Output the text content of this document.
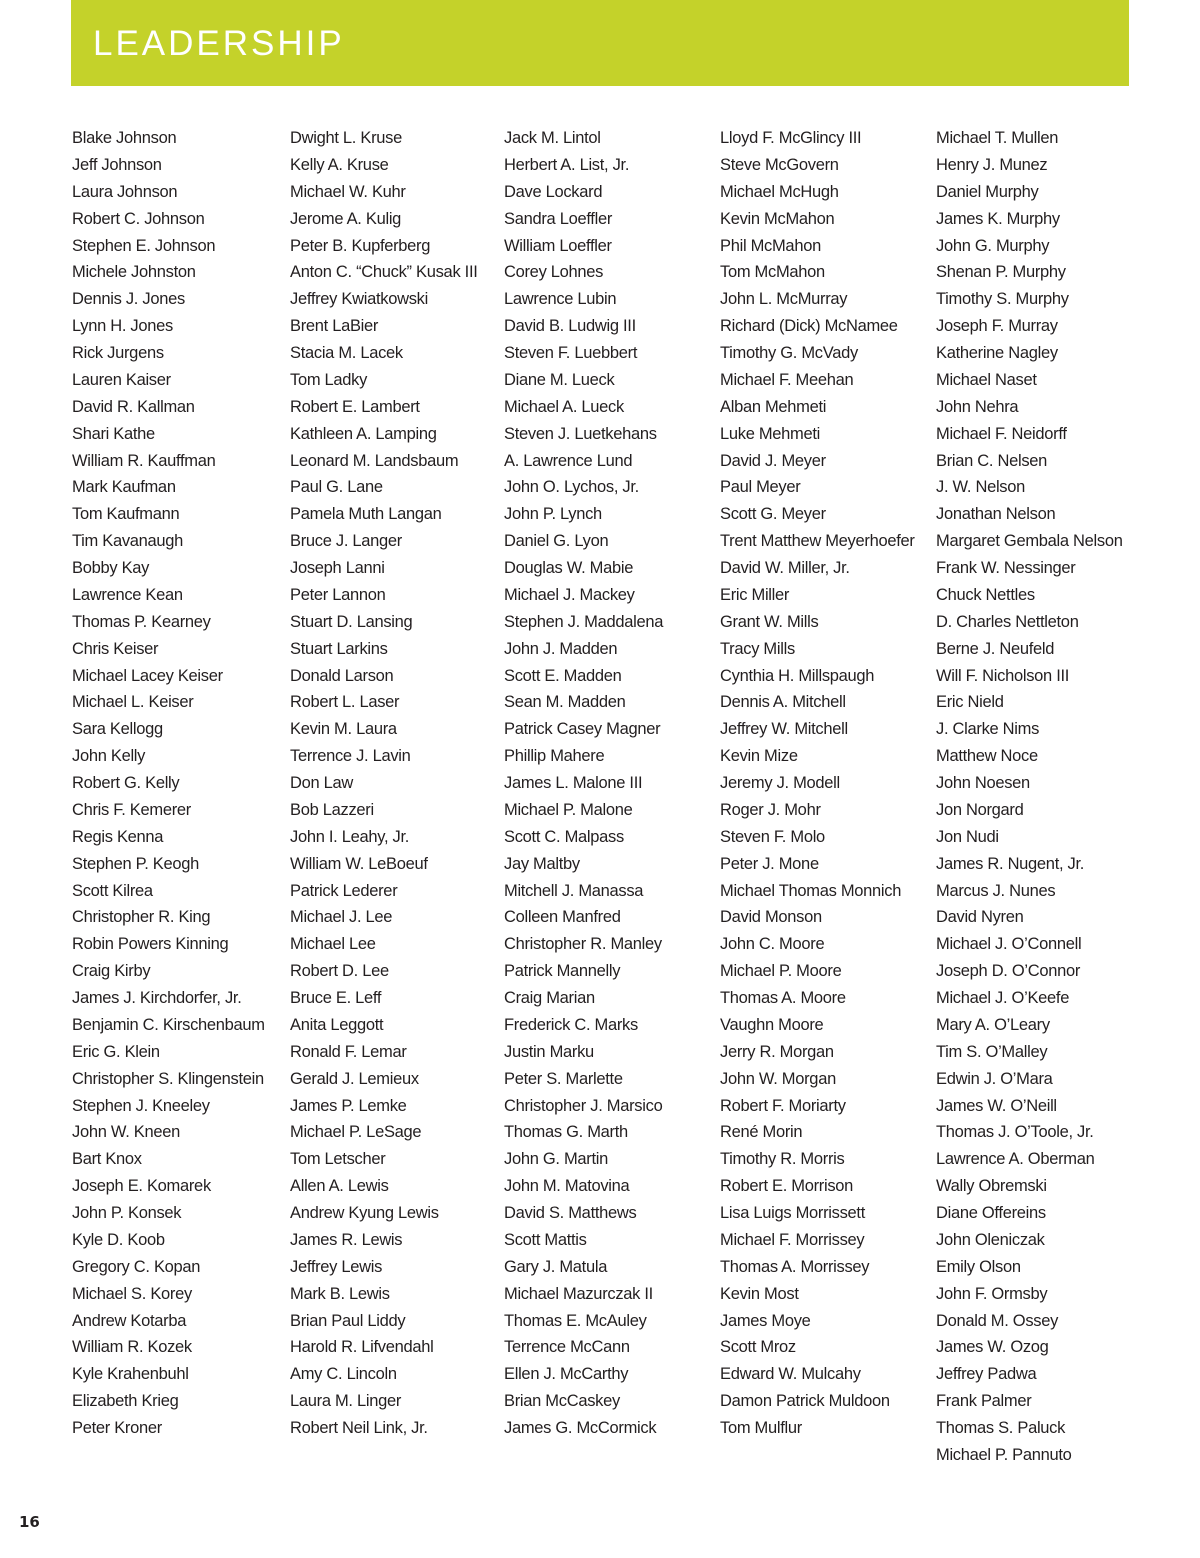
LEADERSHIP
Blake Johnson
Jeff Johnson
Laura Johnson
Robert C. Johnson
Stephen E. Johnson
Michele Johnston
Dennis J. Jones
Lynn H. Jones
Rick Jurgens
Lauren Kaiser
David R. Kallman
Shari Kathe
William R. Kauffman
Mark Kaufman
Tom Kaufmann
Tim Kavanaugh
Bobby Kay
Lawrence Kean
Thomas P. Kearney
Chris Keiser
Michael Lacey Keiser
Michael L. Keiser
Sara Kellogg
John Kelly
Robert G. Kelly
Chris F. Kemerer
Regis Kenna
Stephen P. Keogh
Scott Kilrea
Christopher R. King
Robin Powers Kinning
Craig Kirby
James J. Kirchdorfer, Jr.
Benjamin C. Kirschenbaum
Eric G. Klein
Christopher S. Klingenstein
Stephen J. Kneeley
John W. Kneen
Bart Knox
Joseph E. Komarek
John P. Konsek
Kyle D. Koob
Gregory C. Kopan
Michael S. Korey
Andrew Kotarba
William R. Kozek
Kyle Krahenbuhl
Elizabeth Krieg
Peter Kroner
Dwight L. Kruse
Kelly A. Kruse
Michael W. Kuhr
Jerome A. Kulig
Peter B. Kupferberg
Anton C. “Chuck” Kusak III
Jeffrey Kwiatkowski
Brent LaBier
Stacia M. Lacek
Tom Ladky
Robert E. Lambert
Kathleen A. Lamping
Leonard M. Landsbaum
Paul G. Lane
Pamela Muth Langan
Bruce J. Langer
Joseph Lanni
Peter Lannon
Stuart D. Lansing
Stuart Larkins
Donald Larson
Robert L. Laser
Kevin M. Laura
Terrence J. Lavin
Don Law
Bob Lazzeri
John I. Leahy, Jr.
William W. LeBoeuf
Patrick Lederer
Michael J. Lee
Michael Lee
Robert D. Lee
Bruce E. Leff
Anita Leggott
Ronald F. Lemar
Gerald J. Lemieux
James P. Lemke
Michael P. LeSage
Tom Letscher
Allen A. Lewis
Andrew Kyung Lewis
James R. Lewis
Jeffrey Lewis
Mark B. Lewis
Brian Paul Liddy
Harold R. Lifvendahl
Amy C. Lincoln
Laura M. Linger
Robert Neil Link, Jr.
Jack M. Lintol
Herbert A. List, Jr.
Dave Lockard
Sandra Loeffler
William Loeffler
Corey Lohnes
Lawrence Lubin
David B. Ludwig III
Steven F. Luebbert
Diane M. Lueck
Michael A. Lueck
Steven J. Luetkehans
A. Lawrence Lund
John O. Lychos, Jr.
John P. Lynch
Daniel G. Lyon
Douglas W. Mabie
Michael J. Mackey
Stephen J. Maddalena
John J. Madden
Scott E. Madden
Sean M. Madden
Patrick Casey Magner
Phillip Mahere
James L. Malone III
Michael P. Malone
Scott C. Malpass
Jay Maltby
Mitchell J. Manassa
Colleen Manfred
Christopher R. Manley
Patrick Mannelly
Craig Marian
Frederick C. Marks
Justin Marku
Peter S. Marlette
Christopher J. Marsico
Thomas G. Marth
John G. Martin
John M. Matovina
David S. Matthews
Scott Mattis
Gary J. Matula
Michael Mazurczak II
Thomas E. McAuley
Terrence McCann
Ellen J. McCarthy
Brian McCaskey
James G. McCormick
Lloyd F. McGlincy III
Steve McGovern
Michael McHugh
Kevin McMahon
Phil McMahon
Tom McMahon
John L. McMurray
Richard (Dick) McNamee
Timothy G. McVady
Michael F. Meehan
Alban Mehmeti
Luke Mehmeti
David J. Meyer
Paul Meyer
Scott G. Meyer
Trent Matthew Meyerhoefer
David W. Miller, Jr.
Eric Miller
Grant W. Mills
Tracy Mills
Cynthia H. Millspaugh
Dennis A. Mitchell
Jeffrey W. Mitchell
Kevin Mize
Jeremy J. Modell
Roger J. Mohr
Steven F. Molo
Peter J. Mone
Michael Thomas Monnich
David Monson
John C. Moore
Michael P. Moore
Thomas A. Moore
Vaughn Moore
Jerry R. Morgan
John W. Morgan
Robert F. Moriarty
René Morin
Timothy R. Morris
Robert E. Morrison
Lisa Luigs Morrissett
Michael F. Morrissey
Thomas A. Morrissey
Kevin Most
James Moye
Scott Mroz
Edward W. Mulcahy
Damon Patrick Muldoon
Tom Mulflur
Michael T. Mullen
Henry J. Munez
Daniel Murphy
James K. Murphy
John G. Murphy
Shenan P. Murphy
Timothy S. Murphy
Joseph F. Murray
Katherine Nagley
Michael Naset
John Nehra
Michael F. Neidorff
Brian C. Nelsen
J. W. Nelson
Jonathan Nelson
Margaret Gembala Nelson
Frank W. Nessinger
Chuck Nettles
D. Charles Nettleton
Berne J. Neufeld
Will F. Nicholson III
Eric Nield
J. Clarke Nims
Matthew Noce
John Noesen
Jon Norgard
Jon Nudi
James R. Nugent, Jr.
Marcus J. Nunes
David Nyren
Michael J. O’Connell
Joseph D. O’Connor
Michael J. O’Keefe
Mary A. O’Leary
Tim S. O’Malley
Edwin J. O’Mara
James W. O’Neill
Thomas J. O’Toole, Jr.
Lawrence A. Oberman
Wally Obremski
Diane Offereins
John Oleniczak
Emily Olson
John F. Ormsby
Donald M. Ossey
James W. Ozog
Jeffrey Padwa
Frank Palmer
Thomas S. Paluck
Michael P. Pannuto
16
